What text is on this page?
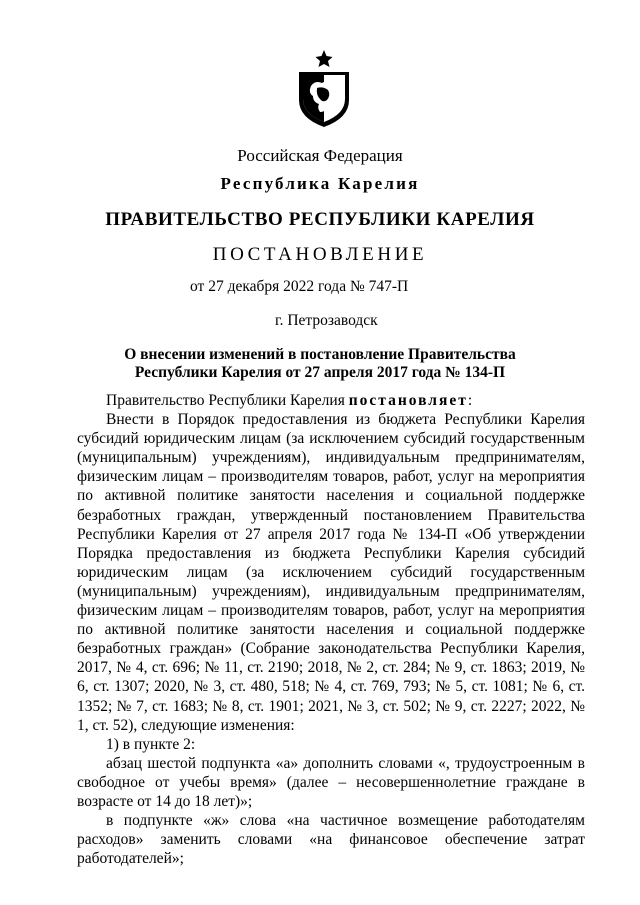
Российская Федерация
Республика Карелия
ПРАВИТЕЛЬСТВО РЕСПУБЛИКИ КАРЕЛИЯ
ПОСТАНОВЛЕНИЕ
от 27 декабря 2022 года № 747-П
г. Петрозаводск
О внесении изменений в постановление Правительства
Республики Карелия от 27 апреля 2017 года № 134-П

Правительство Республики Карелия постановляет:

Внести в Порядок предоставления из бюджета Республики Карелия субсидий юридическим лицам (за исключением субсидий государственным (муниципальным) учреждениям), индивидуальным предпринимателям, физическим лицам – производителям товаров, работ, услуг на мероприятия по активной политике занятости населения и социальной поддержке безработных граждан, утвержденный постановлением Правительства Республики Карелия от 27 апреля 2017 года № 134-П «Об утверждении Порядка предоставления из бюджета Республики Карелия субсидий юридическим лицам (за исключением субсидий государственным (муниципальным) учреждениям), индивидуальным предпринимателям, физическим лицам – производителям товаров, работ, услуг на мероприятия по активной политике занятости населения и социальной поддержке безработных граждан» (Собрание законодательства Республики Карелия, 2017, № 4, ст. 696; № 11, ст. 2190; 2018, № 2, ст. 284; № 9, ст. 1863; 2019, № 6, ст. 1307; 2020, № 3, ст. 480, 518; № 4, ст. 769, 793; № 5, ст. 1081; № 6, ст. 1352; № 7, ст. 1683; № 8, ст. 1901; 2021, № 3, ст. 502; № 9, ст. 2227; 2022, № 1, ст. 52), следующие изменения:

1) в пункте 2:

абзац шестой подпункта «а» дополнить словами «, трудоустроенным в свободное от учебы время» (далее – несовершеннолетние граждане в возрасте от 14 до 18 лет)»;

в подпункте «ж» слова «на частичное возмещение работодателям расходов» заменить словами «на финансовое обеспечение затрат работодателей»;
